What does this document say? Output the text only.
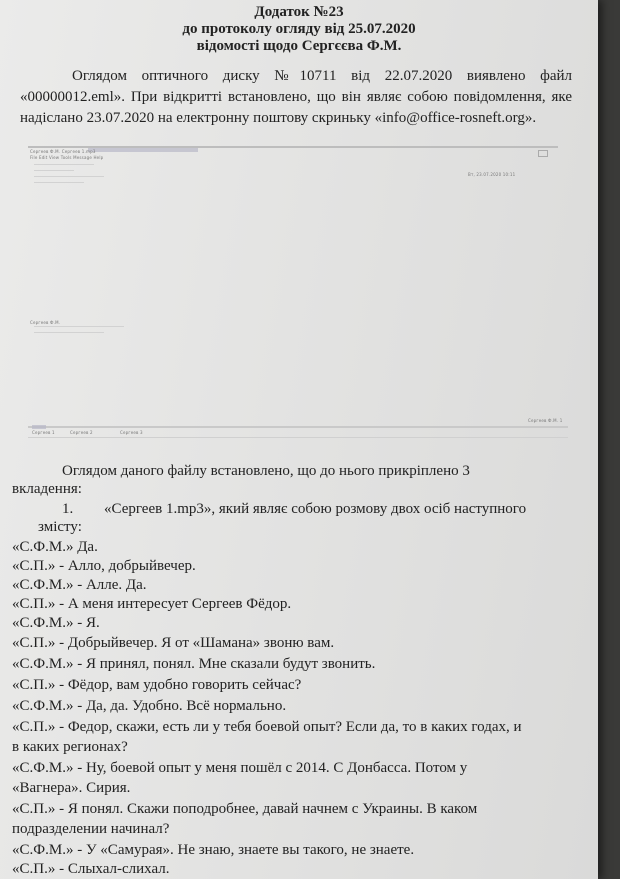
Додаток №23
до протоколу огляду від 25.07.2020
відомості щодо Сергєєва Ф.М.
Оглядом оптичного диску №10711 від 22.07.2020 виявлено файл «00000012.eml». При відкритті встановлено, що він являє собою повідомлення, яке надіслано 23.07.2020 на електронну поштову скриньку «info@office-rosneft.org».
Сергеев Ф.М. Сергеев 1.mp3
File Edit View Tools Message Help
Вт, 23.07.2020 10:11
Сергеев Ф.М.
Сергеев Ф.М. 1
Сергеев 1	Сергеев 2	Сергеев 3
Оглядом даного файлу встановлено, що до нього прикріплено 3
вкладення:
1. «Сергеев 1.mp3», який являє собою розмову двох осіб наступного
змісту:
«С.Ф.М.» Да.
«С.П.» - Алло, добрыйвечер.
«С.Ф.М.» - Алле. Да.
«С.П.» - А меня интересует Сергеев Фёдор.
«С.Ф.М.» - Я.
«С.П.» - Добрыйвечер. Я от «Шамана» звоню вам.
«С.Ф.М.» - Я принял, понял. Мне сказали будут звонить.
«С.П.» - Фёдор, вам удобно говорить сейчас?
«С.Ф.М.» - Да, да. Удобно. Всё нормально.
«С.П.» - Федор, скажи, есть ли у тебя боевой опыт? Если да, то в каких годах, и
в каких регионах?
«С.Ф.М.» - Ну, боевой опыт у меня пошёл с 2014. С Донбасса. Потом у
«Вагнера». Сирия.
«С.П.» - Я понял. Скажи поподробнее, давай начнем с Украины. В каком
подразделении начинал?
«С.Ф.М.» - У «Самурая». Не знаю, знаете вы такого, не знаете.
«С.П.» - Слыхал-слихал.
